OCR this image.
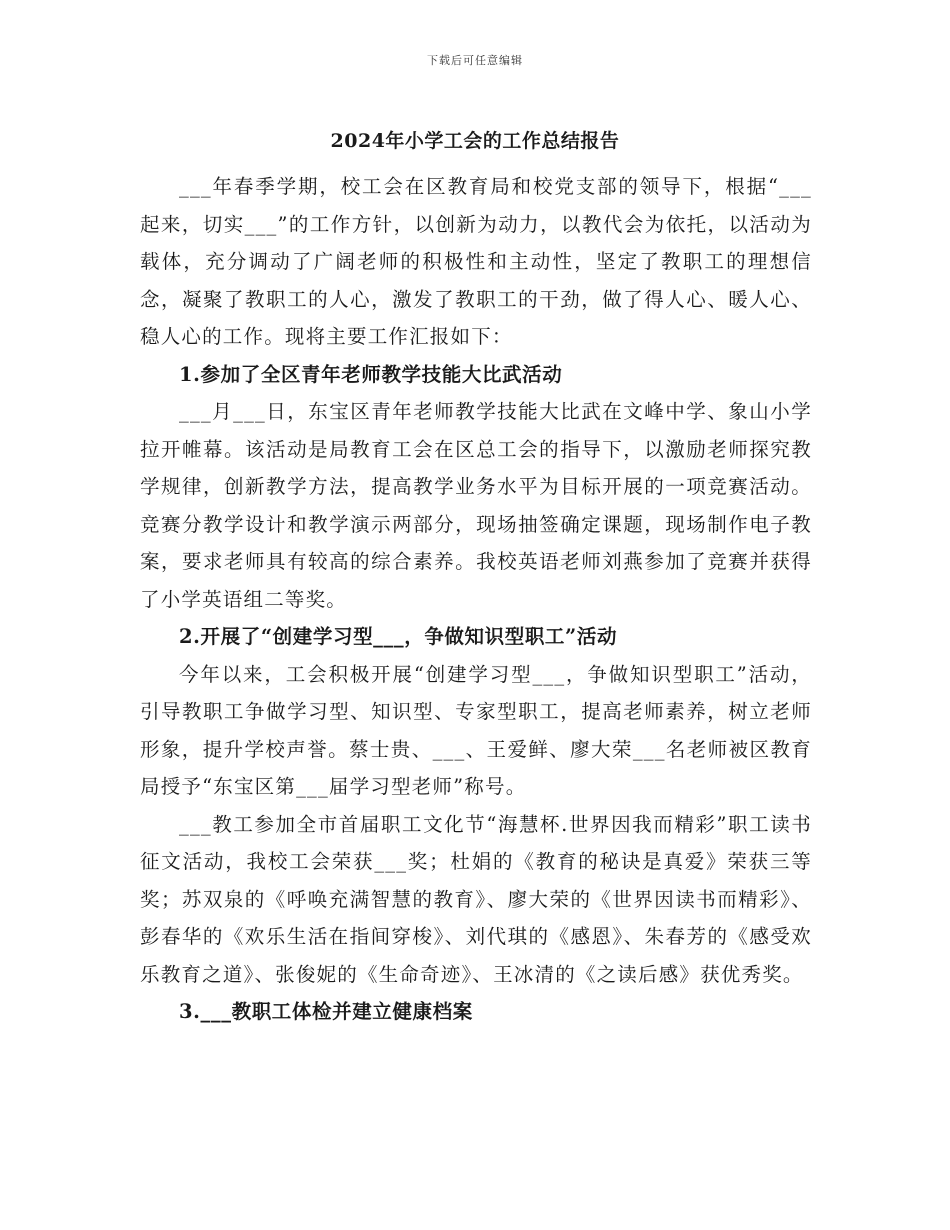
下载后可任意编辑
2024年小学工会的工作总结报告

___年春季学期，校工会在区教育局和校党支部的领导下，根据“___起来，切实___”的工作方针，以创新为动力，以教代会为依托，以活动为载体，充分调动了广阔老师的积极性和主动性，坚定了教职工的理想信念，凝聚了教职工的人心，激发了教职工的干劲，做了得人心、暖人心、稳人心的工作。现将主要工作汇报如下：

1.参加了全区青年老师教学技能大比武活动

___月___日，东宝区青年老师教学技能大比武在文峰中学、象山小学拉开帷幕。该活动是局教育工会在区总工会的指导下，以激励老师探究教学规律，创新教学方法，提高教学业务水平为目标开展的一项竞赛活动。竞赛分教学设计和教学演示两部分，现场抽签确定课题，现场制作电子教案，要求老师具有较高的综合素养。我校英语老师刘燕参加了竞赛并获得了小学英语组二等奖。

2.开展了“创建学习型___，争做知识型职工”活动

今年以来，工会积极开展“创建学习型___，争做知识型职工”活动，引导教职工争做学习型、知识型、专家型职工，提高老师素养，树立老师形象，提升学校声誉。蔡士贵、___、王爱鲜、廖大荣___名老师被区教育局授予“东宝区第___届学习型老师”称号。

___教工参加全市首届职工文化节“海慧杯.世界因我而精彩”职工读书征文活动，我校工会荣获___奖；杜娟的《教育的秘诀是真爱》荣获三等奖；苏双泉的《呼唤充满智慧的教育》、廖大荣的《世界因读书而精彩》、彭春华的《欢乐生活在指间穿梭》、刘代琪的《感恩》、朱春芳的《感受欢乐教育之道》、张俊妮的《生命奇迹》、王冰清的《之读后感》获优秀奖。

3.___教职工体检并建立健康档案
